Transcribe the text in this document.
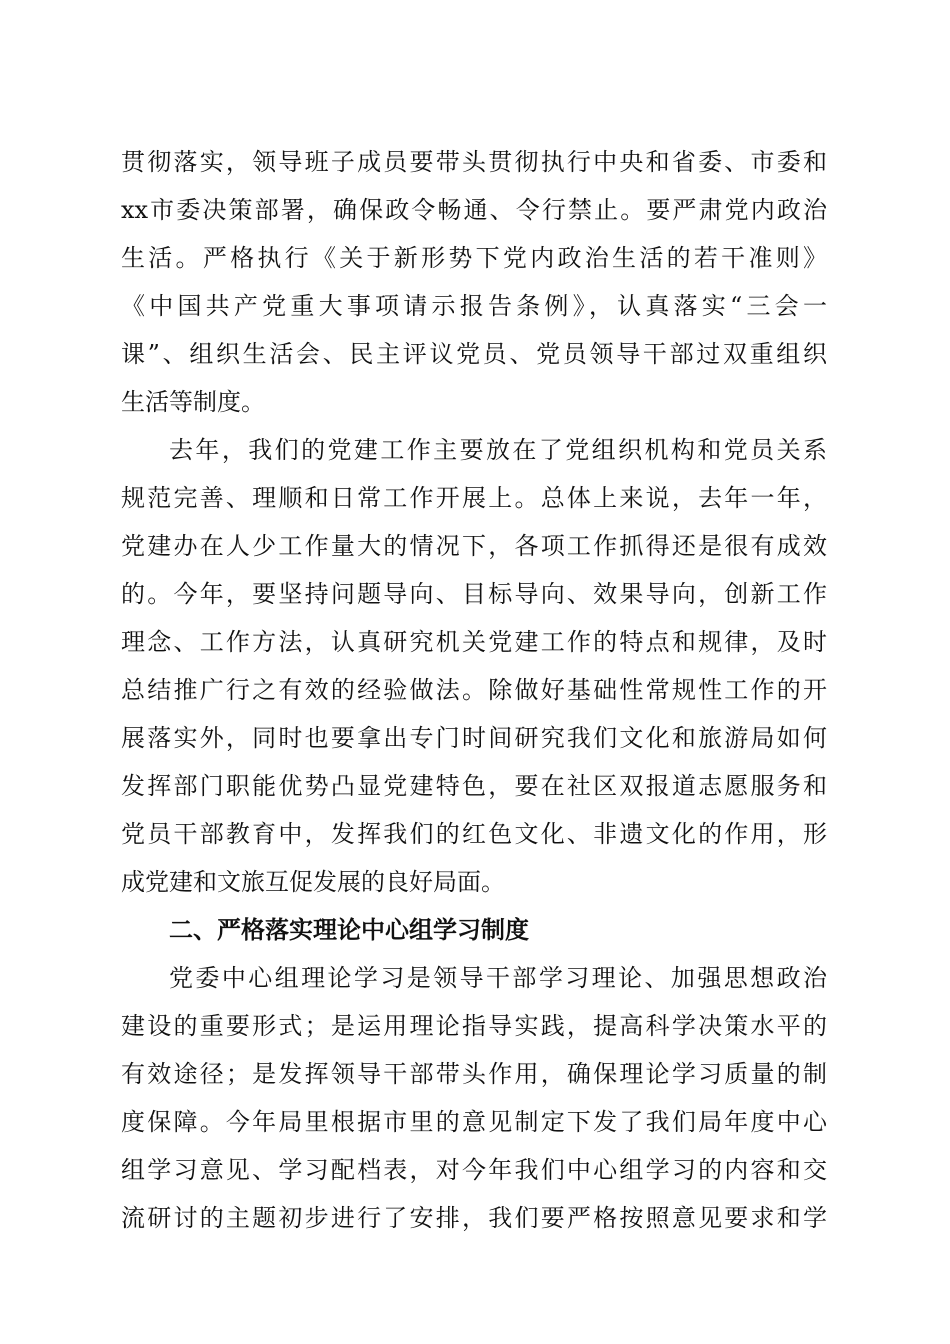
贯彻落实，领导班子成员要带头贯彻执行中央和省委、市委和
xx市委决策部署，确保政令畅通、令行禁止。要严肃党内政治
生活。严格执行《关于新形势下党内政治生活的若干准则》
《中国共产党重大事项请示报告条例》，认真落实“三会一
课”、组织生活会、民主评议党员、党员领导干部过双重组织
生活等制度。
去年，我们的党建工作主要放在了党组织机构和党员关系
规范完善、理顺和日常工作开展上。总体上来说，去年一年，
党建办在人少工作量大的情况下，各项工作抓得还是很有成效
的。今年，要坚持问题导向、目标导向、效果导向，创新工作
理念、工作方法，认真研究机关党建工作的特点和规律，及时
总结推广行之有效的经验做法。除做好基础性常规性工作的开
展落实外，同时也要拿出专门时间研究我们文化和旅游局如何
发挥部门职能优势凸显党建特色，要在社区双报道志愿服务和
党员干部教育中，发挥我们的红色文化、非遗文化的作用，形
成党建和文旅互促发展的良好局面。
二、严格落实理论中心组学习制度
党委中心组理论学习是领导干部学习理论、加强思想政治
建设的重要形式；是运用理论指导实践，提高科学决策水平的
有效途径；是发挥领导干部带头作用，确保理论学习质量的制
度保障。今年局里根据市里的意见制定下发了我们局年度中心
组学习意见、学习配档表，对今年我们中心组学习的内容和交
流研讨的主题初步进行了安排，我们要严格按照意见要求和学
